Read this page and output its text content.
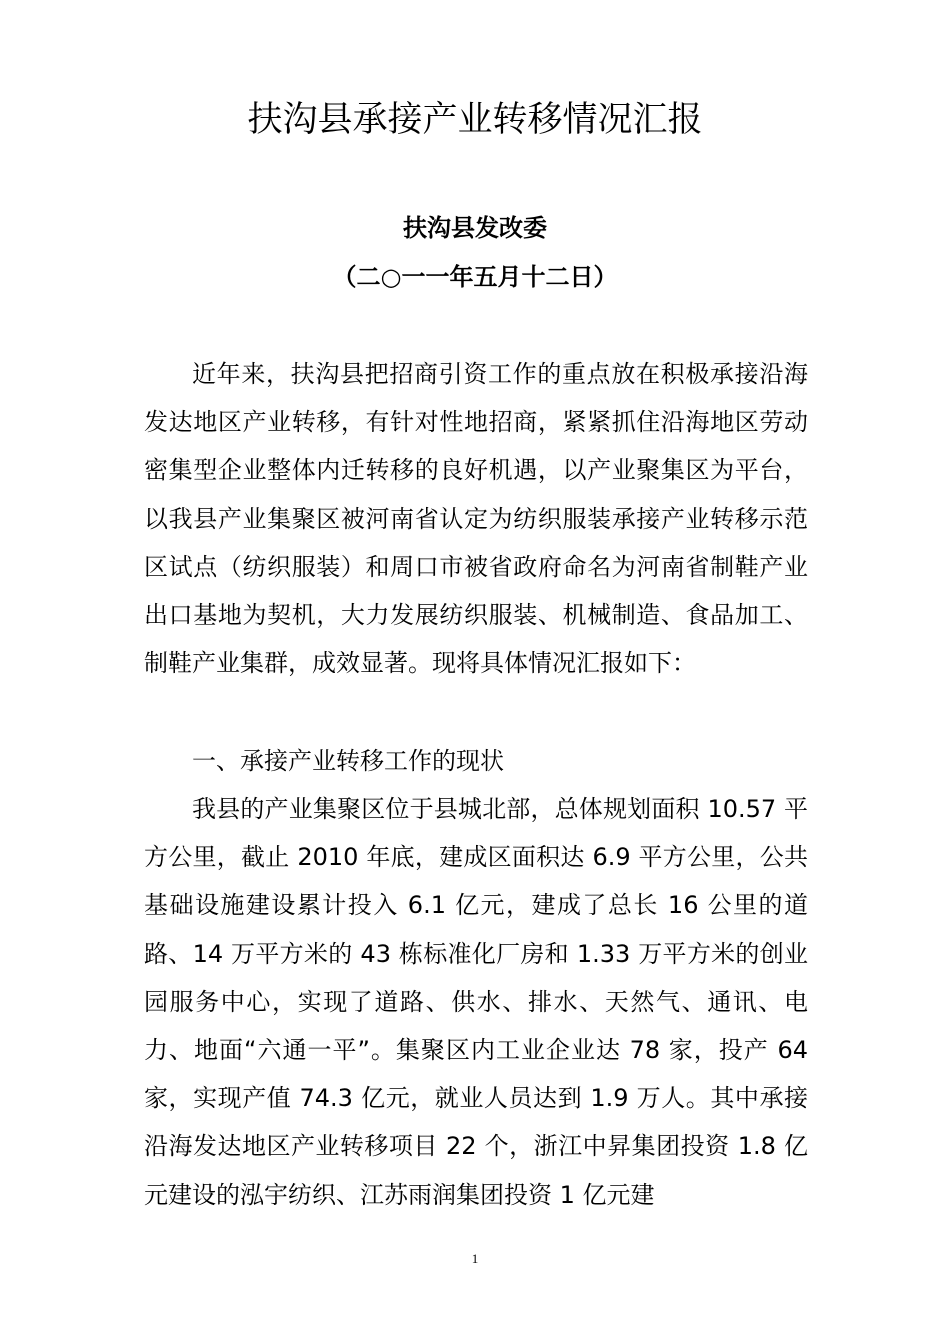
扶沟县承接产业转移情况汇报

扶沟县发改委

（二○一一年五月十二日）

近年来，扶沟县把招商引资工作的重点放在积极承接沿海发达地区产业转移，有针对性地招商，紧紧抓住沿海地区劳动密集型企业整体内迁转移的良好机遇，以产业聚集区为平台，以我县产业集聚区被河南省认定为纺织服装承接产业转移示范区试点（纺织服装）和周口市被省政府命名为河南省制鞋产业出口基地为契机，大力发展纺织服装、机械制造、食品加工、制鞋产业集群，成效显著。现将具体情况汇报如下：

一、承接产业转移工作的现状

我县的产业集聚区位于县城北部，总体规划面积 10.57 平方公里，截止 2010 年底，建成区面积达 6.9 平方公里，公共基础设施建设累计投入 6.1 亿元，建成了总长 16 公里的道路、14 万平方米的 43 栋标准化厂房和 1.33 万平方米的创业园服务中心，实现了道路、供水、排水、天然气、通讯、电力、地面“六通一平”。集聚区内工业企业达 78 家，投产 64 家，实现产值 74.3 亿元，就业人员达到 1.9 万人。其中承接沿海发达地区产业转移项目 22 个，浙江中昇集团投资 1.8 亿元建设的泓宇纺织、江苏雨润集团投资 1 亿元建

1
